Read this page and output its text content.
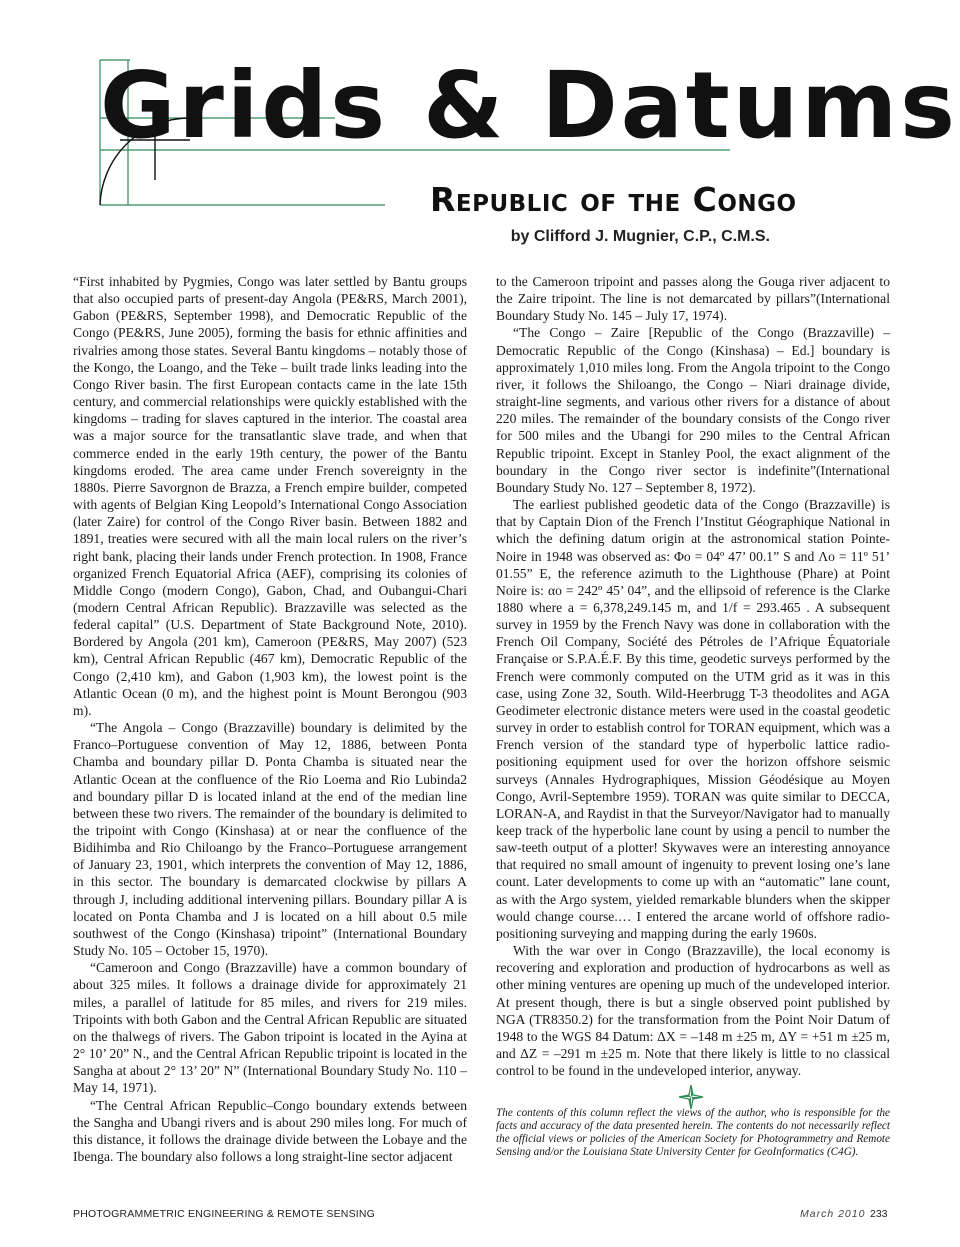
Grids & Datums
Republic of the Congo
by Clifford J. Mugnier, C.P., C.M.S.

“First inhabited by Pygmies, Congo was later settled by Bantu groups that also occupied parts of present-day Angola (PE&RS, March 2001), Gabon (PE&RS, September 1998), and Democratic Republic of the Congo (PE&RS, June 2005), forming the basis for ethnic affinities and rivalries among those states. Several Bantu kingdoms – notably those of the Kongo, the Loango, and the Teke – built trade links leading into the Congo River basin. The first European contacts came in the late 15th century, and commercial relationships were quickly established with the kingdoms – trading for slaves captured in the interior. The coastal area was a major source for the transatlantic slave trade, and when that commerce ended in the early 19th century, the power of the Bantu kingdoms eroded. The area came under French sovereignty in the 1880s. Pierre Savorgnon de Brazza, a French empire builder, competed with agents of Belgian King Leopold’s International Congo Association (later Zaire) for control of the Congo River basin. Between 1882 and 1891, treaties were secured with all the main local rulers on the river’s right bank, placing their lands under French protection. In 1908, France organized French Equatorial Africa (AEF), comprising its colonies of Middle Congo (modern Congo), Gabon, Chad, and Oubangui-Chari (modern Central African Republic). Brazzaville was selected as the federal capital” (U.S. Department of State Background Note, 2010). Bordered by Angola (201 km), Cameroon (PE&RS, May 2007) (523 km), Central African Republic (467 km), Democratic Republic of the Congo (2,410 km), and Gabon (1,903 km), the lowest point is the Atlantic Ocean (0 m), and the highest point is Mount Berongou (903 m).

“The Angola – Congo (Brazzaville) boundary is delimited by the Franco–Portuguese convention of May 12, 1886, between Ponta Chamba and boundary pillar D. Ponta Chamba is situated near the Atlantic Ocean at the confluence of the Rio Loema and Rio Lubinda2 and boundary pillar D is located inland at the end of the median line between these two rivers. The remainder of the boundary is delimited to the tripoint with Congo (Kinshasa) at or near the confluence of the Bidihimba and Rio Chiloango by the Franco–Portuguese arrangement of January 23, 1901, which interprets the convention of May 12, 1886, in this sector. The boundary is demarcated clockwise by pillars A through J, including additional intervening pillars. Boundary pillar A is located on Ponta Chamba and J is located on a hill about 0.5 mile southwest of the Congo (Kinshasa) tripoint” (International Boundary Study No. 105 – October 15, 1970).

“Cameroon and Congo (Brazzaville) have a common boundary of about 325 miles. It follows a drainage divide for approximately 21 miles, a parallel of latitude for 85 miles, and rivers for 219 miles. Tripoints with both Gabon and the Central African Republic are situated on the thalwegs of rivers. The Gabon tripoint is located in the Ayina at 2° 10’ 20” N., and the Central African Republic tripoint is located in the Sangha at about 2° 13’ 20” N” (International Boundary Study No. 110 – May 14, 1971).

“The Central African Republic–Congo boundary extends between the Sangha and Ubangi rivers and is about 290 miles long. For much of this distance, it follows the drainage divide between the Lobaye and the Ibenga. The boundary also follows a long straight-line sector adjacent

to the Cameroon tripoint and passes along the Gouga river adjacent to the Zaire tripoint. The line is not demarcated by pillars”(International Boundary Study No. 145 – July 17, 1974).

“The Congo – Zaire [Republic of the Congo (Brazzaville) – Democratic Republic of the Congo (Kinshasa) – Ed.] boundary is approximately 1,010 miles long. From the Angola tripoint to the Congo river, it follows the Shiloango, the Congo – Niari drainage divide, straight-line segments, and various other rivers for a distance of about 220 miles. The remainder of the boundary consists of the Congo river for 500 miles and the Ubangi for 290 miles to the Central African Republic tripoint. Except in Stanley Pool, the exact alignment of the boundary in the Congo river sector is indefinite”(International Boundary Study No. 127 – September 8, 1972).

The earliest published geodetic data of the Congo (Brazzaville) is that by Captain Dion of the French l’Institut Géographique National in which the defining datum origin at the astronomical station Pointe-Noire in 1948 was observed as: Φo = 04º 47’ 00.1” S and Λo = 11º 51’ 01.55” E, the reference azimuth to the Lighthouse (Phare) at Point Noire is: αo = 242º 45’ 04”, and the ellipsoid of reference is the Clarke 1880 where a = 6,378,249.145 m, and 1/f = 293.465 . A subsequent survey in 1959 by the French Navy was done in collaboration with the French Oil Company, Société des Pétroles de l’Afrique Équatoriale Française or S.P.A.É.F. By this time, geodetic surveys performed by the French were commonly computed on the UTM grid as it was in this case, using Zone 32, South. Wild-Heerbrugg T-3 theodolites and AGA Geodimeter electronic distance meters were used in the coastal geodetic survey in order to establish control for TORAN equipment, which was a French version of the standard type of hyperbolic lattice radio-positioning equipment used for over the horizon offshore seismic surveys (Annales Hydrographiques, Mission Géodésique au Moyen Congo, Avril-Septembre 1959). TORAN was quite similar to DECCA, LORAN-A, and Raydist in that the Surveyor/Navigator had to manually keep track of the hyperbolic lane count by using a pencil to number the saw-teeth output of a plotter! Skywaves were an interesting annoyance that required no small amount of ingenuity to prevent losing one’s lane count. Later developments to come up with an “automatic” lane count, as with the Argo system, yielded remarkable blunders when the skipper would change course.… I entered the arcane world of offshore radio-positioning surveying and mapping during the early 1960s.

With the war over in Congo (Brazzaville), the local economy is recovering and exploration and production of hydrocarbons as well as other mining ventures are opening up much of the undeveloped interior. At present though, there is but a single observed point published by NGA (TR8350.2) for the transformation from the Point Noir Datum of 1948 to the WGS 84 Datum: ΔX = –148 m ±25 m, ΔY = +51 m ±25 m, and ΔZ = –291 m ±25 m. Note that there likely is little to no classical control to be found in the undeveloped interior, anyway.

The contents of this column reflect the views of the author, who is responsible for the facts and accuracy of the data presented herein. The contents do not necessarily reflect the official views or policies of the American Society for Photogrammetry and Remote Sensing and/or the Louisiana State University Center for GeoInformatics (C4G).
PHOTOGRAMMETRIC ENGINEERING & REMOTE SENSING	March 2010 233
